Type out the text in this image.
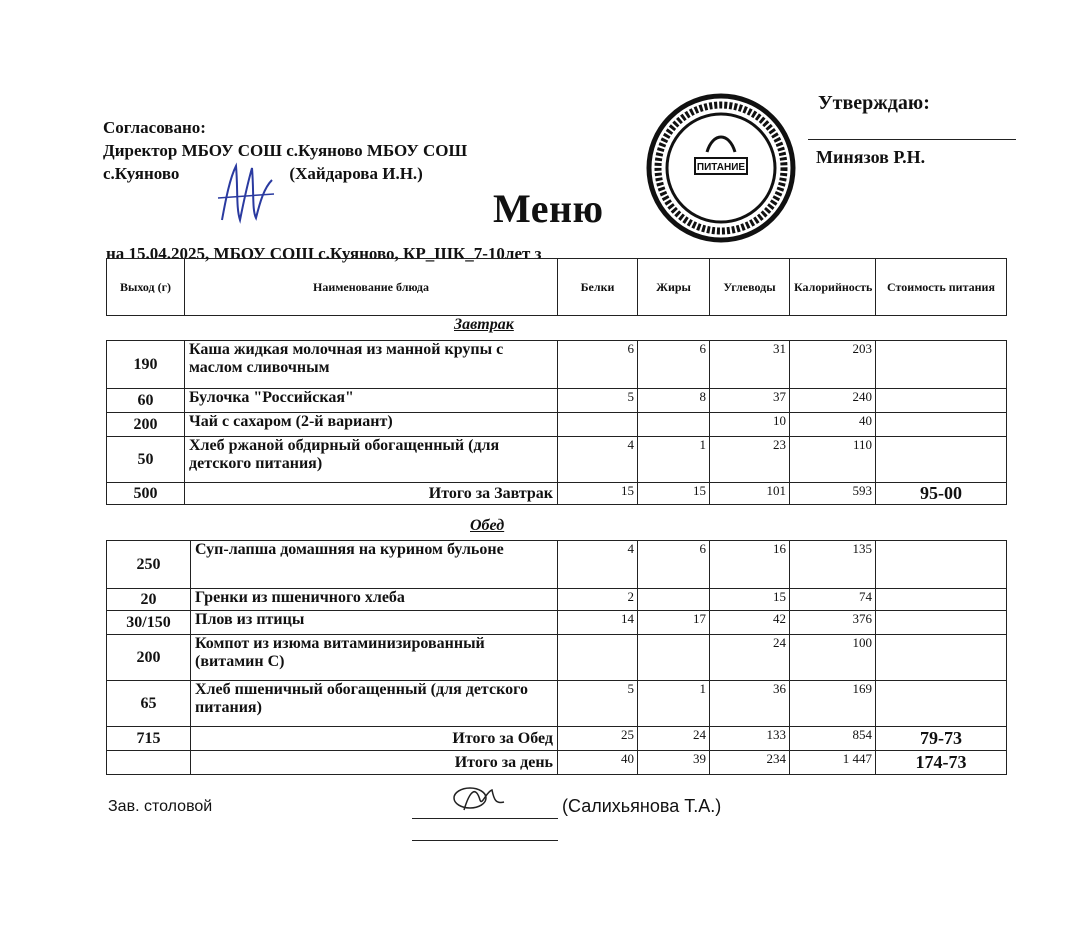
Согласовано:
Директор МБОУ СОШ с.Куяново МБОУ СОШ
с.Куяново	(Хайдарова И.Н.)	ПИТАНИЕ
Утверждаю:
Минязов Р.Н.
Меню
на 15.04.2025, МБОУ СОШ с.Куяново, КР_ШК_7-10лет з
Выход (г)	Наименование блюда	Белки	Жиры	Углеводы	Калорийность	Стоимость питания
Завтрак
190	Каша жидкая молочная из манной крупы с маслом сливочным	6	6	31	203	
60	Булочка "Российская"	5	8	37	240	
200	Чай с сахаром (2-й вариант)			10	40	
50	Хлеб ржаной обдирный обогащенный (для детского питания)	4	1	23	110	
500	Итого за Завтрак	15	15	101	593	95-00
Обед
250	Суп-лапша домашняя на курином бульоне	4	6	16	135	
20	Гренки из пшеничного хлеба	2		15	74	
30/150	Плов из птицы	14	17	42	376	
200	Компот из изюма витаминизированный (витамин С)			24	100	
65	Хлеб пшеничный обогащенный (для детского питания)	5	1	36	169	
715	Итого за Обед	25	24	133	854	79-73
	Итого за день	40	39	234	1 447	174-73
Зав. столовой	(Салихьянова Т.А.)
